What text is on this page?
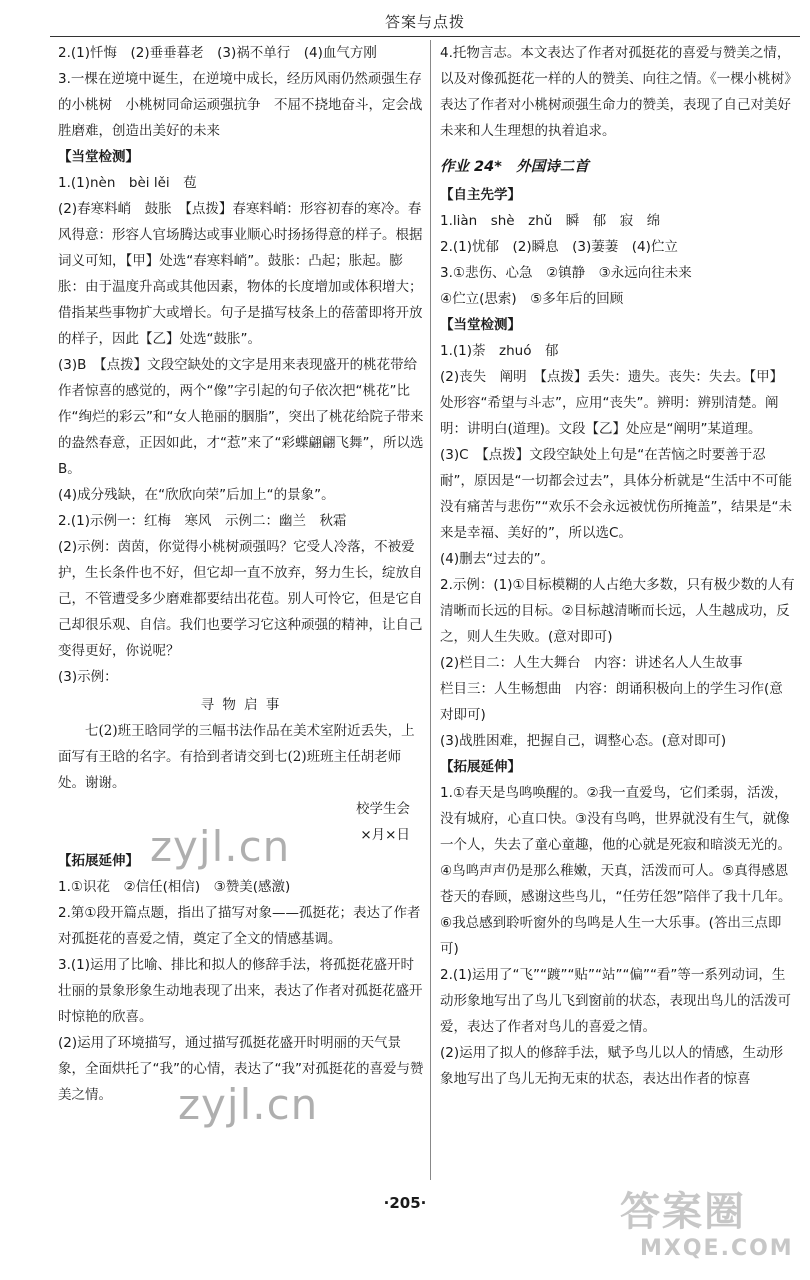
答案与点拨

2.(1)忏悔　(2)垂垂暮老　(3)祸不单行　(4)血气方刚

3.一棵在逆境中诞生，在逆境中成长，经历风雨仍然顽强生存的小桃树　小桃树同命运顽强抗争　不屈不挠地奋斗，定会战胜磨难，创造出美好的未来

【当堂检测】

1.(1)nèn　bèi lěi　苞

(2)春寒料峭　鼓胀　【点拨】春寒料峭：形容初春的寒冷。春风得意：形容人官场腾达或事业顺心时扬扬得意的样子。根据词义可知，【甲】处选“春寒料峭”。鼓胀：凸起；胀起。膨胀：由于温度升高或其他因素，物体的长度增加或体积增大；借指某些事物扩大或增长。句子是描写枝条上的蓓蕾即将开放的样子，因此【乙】处选“鼓胀”。

(3)B　【点拨】文段空缺处的文字是用来表现盛开的桃花带给作者惊喜的感觉的，两个“像”字引起的句子依次把“桃花”比作“绚烂的彩云”和“女人艳丽的胭脂”，突出了桃花给院子带来的盎然春意，正因如此，才“惹”来了“彩蝶翩翩飞舞”，所以选B。

(4)成分残缺，在“欣欣向荣”后加上“的景象”。

2.(1)示例一：红梅　寒风　示例二：幽兰　秋霜

(2)示例：茵茵，你觉得小桃树顽强吗？它受人冷落，不被爱护，生长条件也不好，但它却一直不放弃，努力生长，绽放自己，不管遭受多少磨难都要结出花苞。别人可怜它，但是它自己却很乐观、自信。我们也要学习它这种顽强的精神，让自己变得更好，你说呢？

(3)示例：

寻 物 启 事

七(2)班王晗同学的三幅书法作品在美术室附近丢失，上面写有王晗的名字。有拾到者请交到七(2)班班主任胡老师处。谢谢。

校学生会

×月×日

【拓展延伸】

1.①识花　②信任(相信)　③赞美(感激)

2.第①段开篇点题，指出了描写对象——孤挺花；表达了作者对孤挺花的喜爱之情，奠定了全文的情感基调。

3.(1)运用了比喻、排比和拟人的修辞手法，将孤挺花盛开时壮丽的景象形象生动地表现了出来，表达了作者对孤挺花盛开时惊艳的欣喜。

(2)运用了环境描写，通过描写孤挺花盛开时明丽的天气景象，全面烘托了“我”的心情，表达了“我”对孤挺花的喜爱与赞美之情。

4.托物言志。本文表达了作者对孤挺花的喜爱与赞美之情，以及对像孤挺花一样的人的赞美、向往之情。《一棵小桃树》表达了作者对小桃树顽强生命力的赞美，表现了自己对美好未来和人生理想的执着追求。

作业 24*　外国诗二首

【自主先学】

1.liàn　shè　zhǔ　瞬　郁　寂　绵

2.(1)忧郁　(2)瞬息　(3)萋萋　(4)伫立

3.①悲伤、心急　②镇静　③永远向往未来

④伫立(思索)　⑤多年后的回顾

【当堂检测】

1.(1)荼　zhuó　郁

(2)丧失　阐明　【点拨】丢失：遗失。丧失：失去。【甲】处形容“希望与斗志”，应用“丧失”。辨明：辨别清楚。阐明：讲明白(道理)。文段【乙】处应是“阐明”某道理。

(3)C　【点拨】文段空缺处上句是“在苦恼之时要善于忍耐”，原因是“一切都会过去”，具体分析就是“生活中不可能没有痛苦与悲伤”“欢乐不会永远被忧伤所掩盖”，结果是“未来是幸福、美好的”，所以选C。

(4)删去“过去的”。

2.示例：(1)①目标模糊的人占绝大多数，只有极少数的人有清晰而长远的目标。②目标越清晰而长远，人生越成功，反之，则人生失败。(意对即可)

(2)栏目二：人生大舞台　内容：讲述名人人生故事

栏目三：人生畅想曲　内容：朗诵积极向上的学生习作(意对即可)

(3)战胜困难，把握自己，调整心态。(意对即可)

【拓展延伸】

1.①春天是鸟鸣唤醒的。②我一直爱鸟，它们柔弱，活泼，没有城府，心直口快。③没有鸟鸣，世界就没有生气，就像一个人，失去了童心童趣，他的心就是死寂和暗淡无光的。④鸟鸣声声仍是那么稚嫩，天真，活泼而可人。⑤真得感恩苍天的春顾，感谢这些鸟儿，“任劳任怨”陪伴了我十几年。⑥我总感到聆听窗外的鸟鸣是人生一大乐事。(答出三点即可)

2.(1)运用了“飞”“踱”“贴”“站”“偏”“看”等一系列动词，生动形象地写出了鸟儿飞到窗前的状态，表现出鸟儿的活泼可爱，表达了作者对鸟儿的喜爱之情。

(2)运用了拟人的修辞手法，赋予鸟儿以人的情感，生动形象地写出了鸟儿无拘无束的状态，表达出作者的惊喜

zyjl.cn
zyjl.cn
·205·	答案圈
MXQE.COM
